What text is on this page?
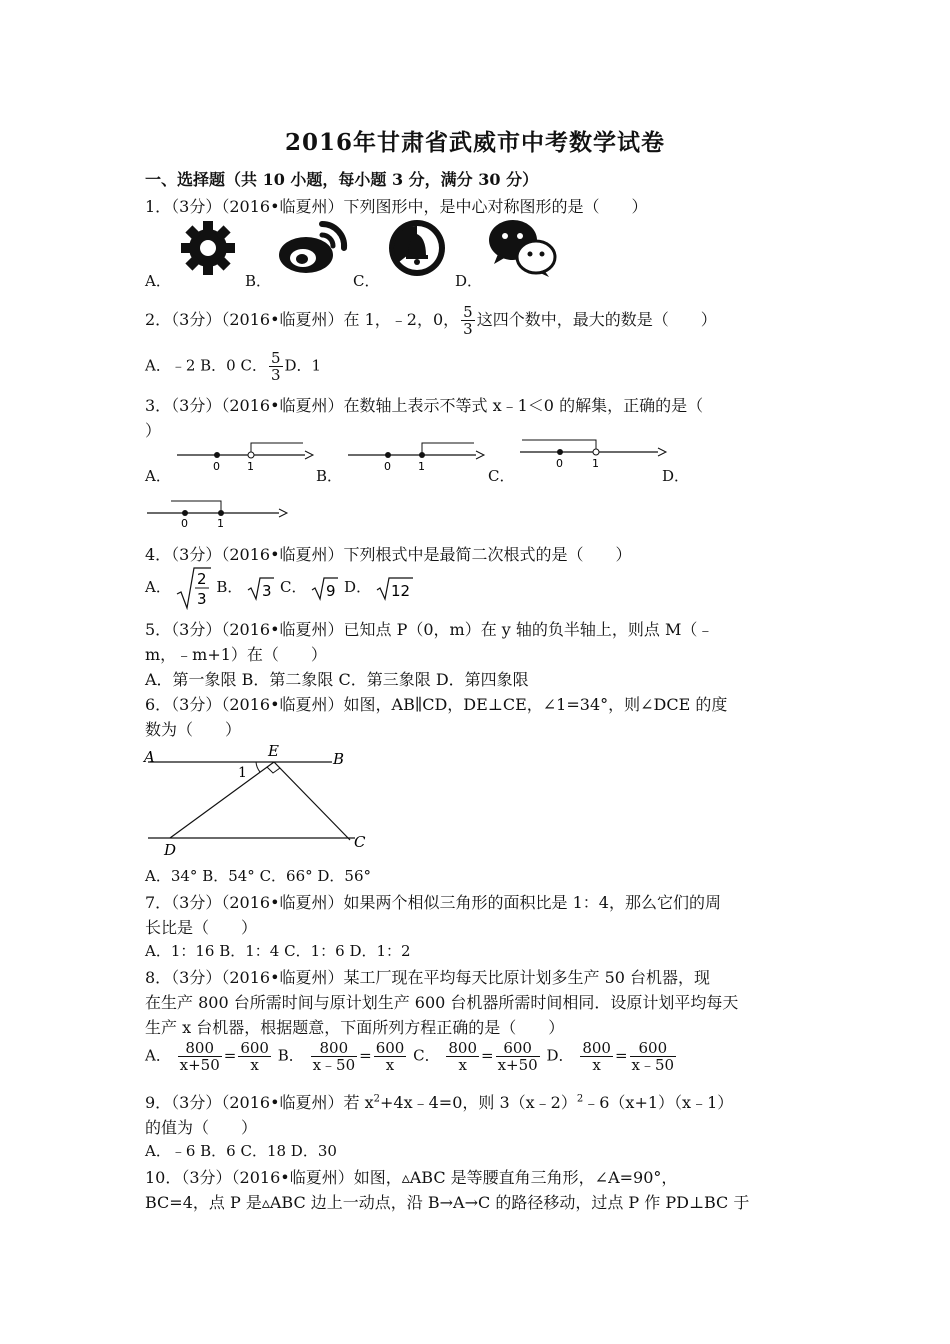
2016年甘肃省武威市中考数学试卷
一、选择题（共 10 小题，每小题 3 分，满分 30 分）
1．（3分）（2016•临夏州）下列图形中，是中心对称图形的是（　　）
A．	B．	C．	D．
2．（3分）（2016•临夏州）在 1，﹣2，0， $\frac{5}{3}$ 这四个数中，最大的数是（　　）
A．﹣2 B．0 C． $\frac{5}{3}$ D．1
3．（3分）（2016•临夏州）在数轴上表示不等式 x﹣1＜0 的解集，正确的是（
）
A．
0 1
B．
0 1
C．
0	1
D．
0	1
4．（3分）（2016•临夏州）下列根式中是最简二次根式的是（　　）
A． 2
3
B． 3 C． 9 D． 12
5．（3分）（2016•临夏州）已知点 P（0，m）在 y 轴的负半轴上，则点 M（﹣
m，﹣m+1）在（　　）
A．第一象限 B．第二象限 C．第三象限 D．第四象限
6．（3分）（2016•临夏州）如图，AB∥CD，DE⊥CE，∠1=34°，则∠DCE 的度
数为（　　）
A	B
C
D
E
1
A．34° B．54° C．66° D．56°
7．（3分）（2016•临夏州）如果两个相似三角形的面积比是 1：4，那么它们的周
长比是（　　）
A．1：16 B．1：4 C．1：6 D．1：2
8．（3分）（2016•临夏州）某工厂现在平均每天比原计划多生产 50 台机器，现
在生产 800 台所需时间与原计划生产 600 台机器所需时间相同．设原计划平均每天
生产 x 台机器，根据题意，下面所列方程正确的是（　　）
A． $\frac{800}{x+50} = \frac{600}{x}$ B． $\frac{800}{x﹣50} = \frac{600}{x}$ C． $\frac{800}{x} = \frac{600}{x+50}$ D． $\frac{800}{x} = \frac{600}{x﹣50}$
9．（3分）（2016•临夏州）若 $x^2+4x﹣4=0$，则 3（x﹣2）$^2$﹣6（x+1）（x﹣1）
的值为（　　）
A．﹣6 B．6 C．18 D．30
10．（3分）（2016•临夏州）如图，▵ABC 是等腰直角三角形，∠A=90°，
BC=4，点 P 是▵ABC 边上一动点，沿 B→A→C 的路径移动，过点 P 作 PD⊥BC 于
